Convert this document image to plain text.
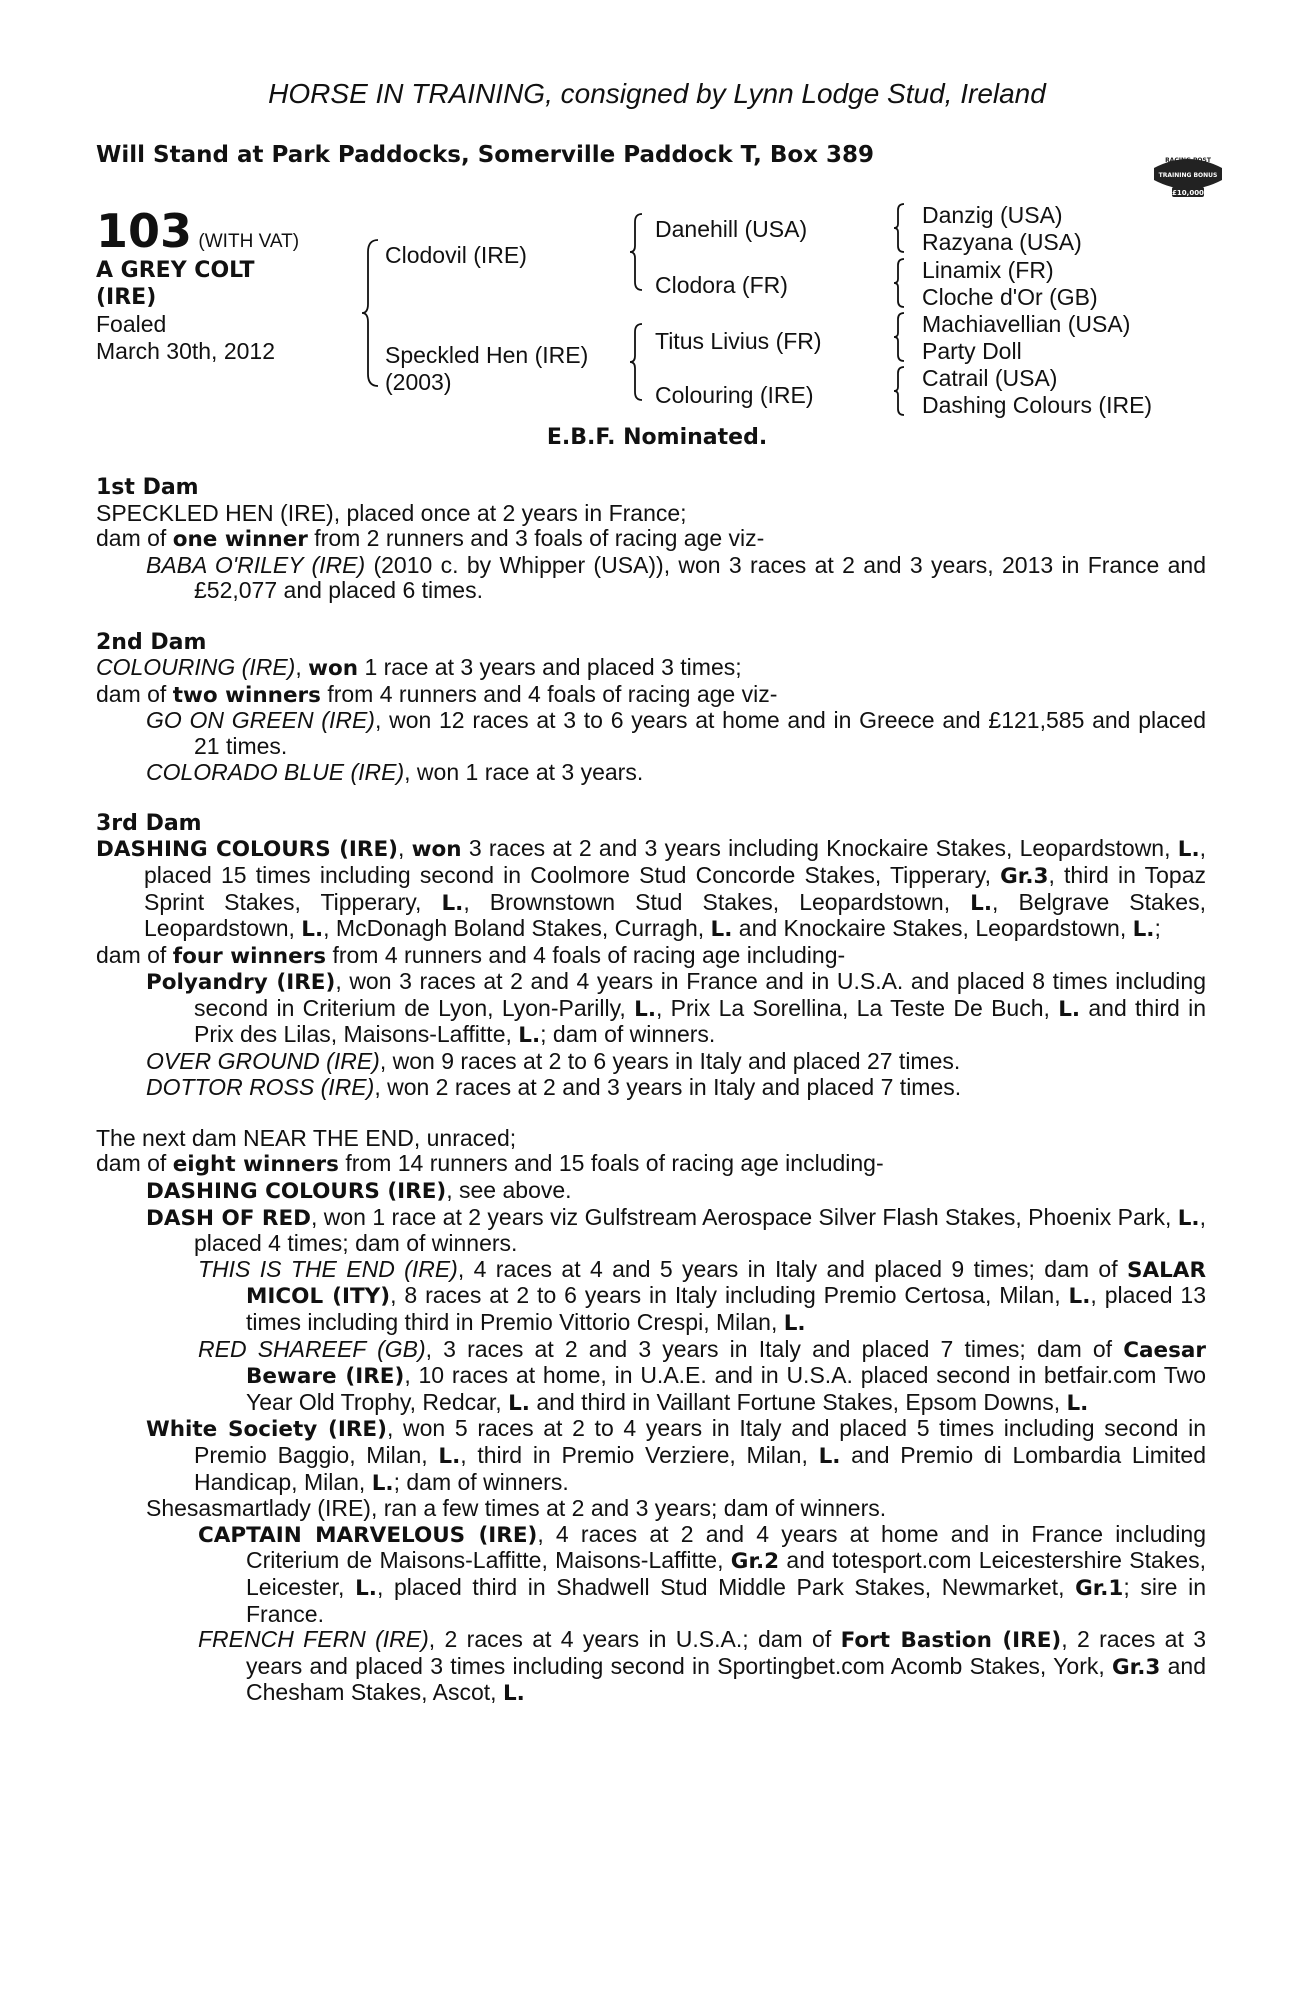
HORSE IN TRAINING, consigned by Lynn Lodge Stud, Ireland
Will Stand at Park Paddocks, Somerville Paddock T, Box 389	RACING POST
TRAINING BONUS
£10,000
103 (WITH VAT)
A GREY COLT
(IRE)
Foaled
March 30th, 2012
Clodovil (IRE)
Speckled Hen (IRE)
(2003)
Danehill (USA)
Clodora (FR)
Titus Livius (FR)
Colouring (IRE)
Danzig (USA)
Razyana (USA)
Linamix (FR)
Cloche d'Or (GB)
Machiavellian (USA)
Party Doll
Catrail (USA)
Dashing Colours (IRE)
E.B.F. Nominated.
1st Dam

SPECKLED HEN (IRE), placed once at 2 years in France;

dam of one winner from 2 runners and 3 foals of racing age viz-

BABA O'RILEY (IRE) (2010 c. by Whipper (USA)), won 3 races at 2 and 3 years, 2013 in France and £52,077 and placed 6 times.

2nd Dam

COLOURING (IRE), won 1 race at 3 years and placed 3 times;

dam of two winners from 4 runners and 4 foals of racing age viz-

GO ON GREEN (IRE), won 12 races at 3 to 6 years at home and in Greece and £121,585 and placed 21 times.

COLORADO BLUE (IRE), won 1 race at 3 years.

3rd Dam

DASHING COLOURS (IRE), won 3 races at 2 and 3 years including Knockaire Stakes, Leopardstown, L., placed 15 times including second in Coolmore Stud Concorde Stakes, Tipperary, Gr.3, third in Topaz Sprint Stakes, Tipperary, L., Brownstown Stud Stakes, Leopardstown, L., Belgrave Stakes, Leopardstown, L., McDonagh Boland Stakes, Curragh, L. and Knockaire Stakes, Leopardstown, L.;

dam of four winners from 4 runners and 4 foals of racing age including-

Polyandry (IRE), won 3 races at 2 and 4 years in France and in U.S.A. and placed 8 times including second in Criterium de Lyon, Lyon-Parilly, L., Prix La Sorellina, La Teste De Buch, L. and third in Prix des Lilas, Maisons-Laffitte, L.; dam of winners.

OVER GROUND (IRE), won 9 races at 2 to 6 years in Italy and placed 27 times.

DOTTOR ROSS (IRE), won 2 races at 2 and 3 years in Italy and placed 7 times.

The next dam NEAR THE END, unraced;

dam of eight winners from 14 runners and 15 foals of racing age including-

DASHING COLOURS (IRE), see above.

DASH OF RED, won 1 race at 2 years viz Gulfstream Aerospace Silver Flash Stakes, Phoenix Park, L., placed 4 times; dam of winners.

THIS IS THE END (IRE), 4 races at 4 and 5 years in Italy and placed 9 times; dam of SALAR MICOL (ITY), 8 races at 2 to 6 years in Italy including Premio Certosa, Milan, L., placed 13 times including third in Premio Vittorio Crespi, Milan, L.

RED SHAREEF (GB), 3 races at 2 and 3 years in Italy and placed 7 times; dam of Caesar Beware (IRE), 10 races at home, in U.A.E. and in U.S.A. placed second in betfair.com Two Year Old Trophy, Redcar, L. and third in Vaillant Fortune Stakes, Epsom Downs, L.

White Society (IRE), won 5 races at 2 to 4 years in Italy and placed 5 times including second in Premio Baggio, Milan, L., third in Premio Verziere, Milan, L. and Premio di Lombardia Limited Handicap, Milan, L.; dam of winners.

Shesasmartlady (IRE), ran a few times at 2 and 3 years; dam of winners.

CAPTAIN MARVELOUS (IRE), 4 races at 2 and 4 years at home and in France including Criterium de Maisons-Laffitte, Maisons-Laffitte, Gr.2 and totesport.com Leicestershire Stakes, Leicester, L., placed third in Shadwell Stud Middle Park Stakes, Newmarket, Gr.1; sire in France.

FRENCH FERN (IRE), 2 races at 4 years in U.S.A.; dam of Fort Bastion (IRE), 2 races at 3 years and placed 3 times including second in Sportingbet.com Acomb Stakes, York, Gr.3 and Chesham Stakes, Ascot, L.
